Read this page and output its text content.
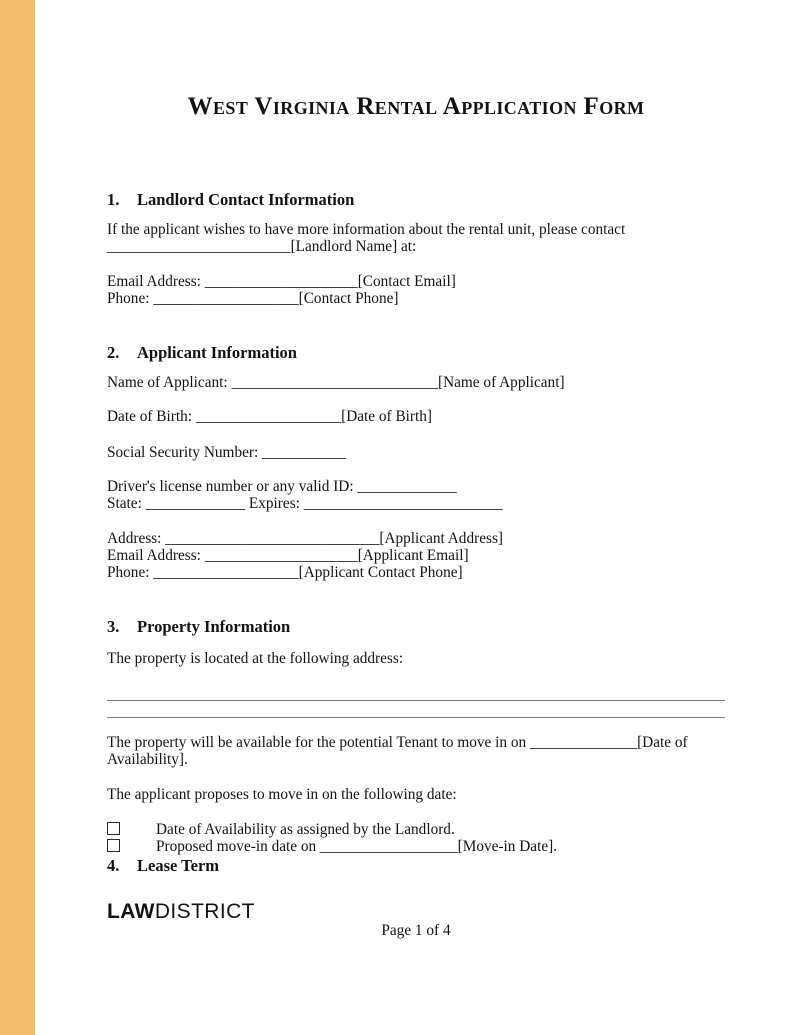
West Virginia Rental Application Form
1.	Landlord Contact Information
If the applicant wishes to have more information about the rental unit, please contact
________________________[Landlord Name] at:
Email Address: ____________________[Contact Email]
Phone: ___________________[Contact Phone]
2.	Applicant Information
Name of Applicant: ___________________________[Name of Applicant]
Date of Birth: ___________________[Date of Birth]
Social Security Number: ___________
Driver's license number or any valid ID: _____________
State: _____________ Expires: __________________________
Address: ____________________________[Applicant Address]
Email Address: ____________________[Applicant Email]
Phone: ___________________[Applicant Contact Phone]
3.	Property Information
The property is located at the following address:
The property will be available for the potential Tenant to move in on ______________[Date of
Availability].
The applicant proposes to move in on the following date:
Date of Availability as assigned by the Landlord.
Proposed move-in date on __________________[Move-in Date].
4.	Lease Term
LAWDISTRICT
Page 1 of 4
